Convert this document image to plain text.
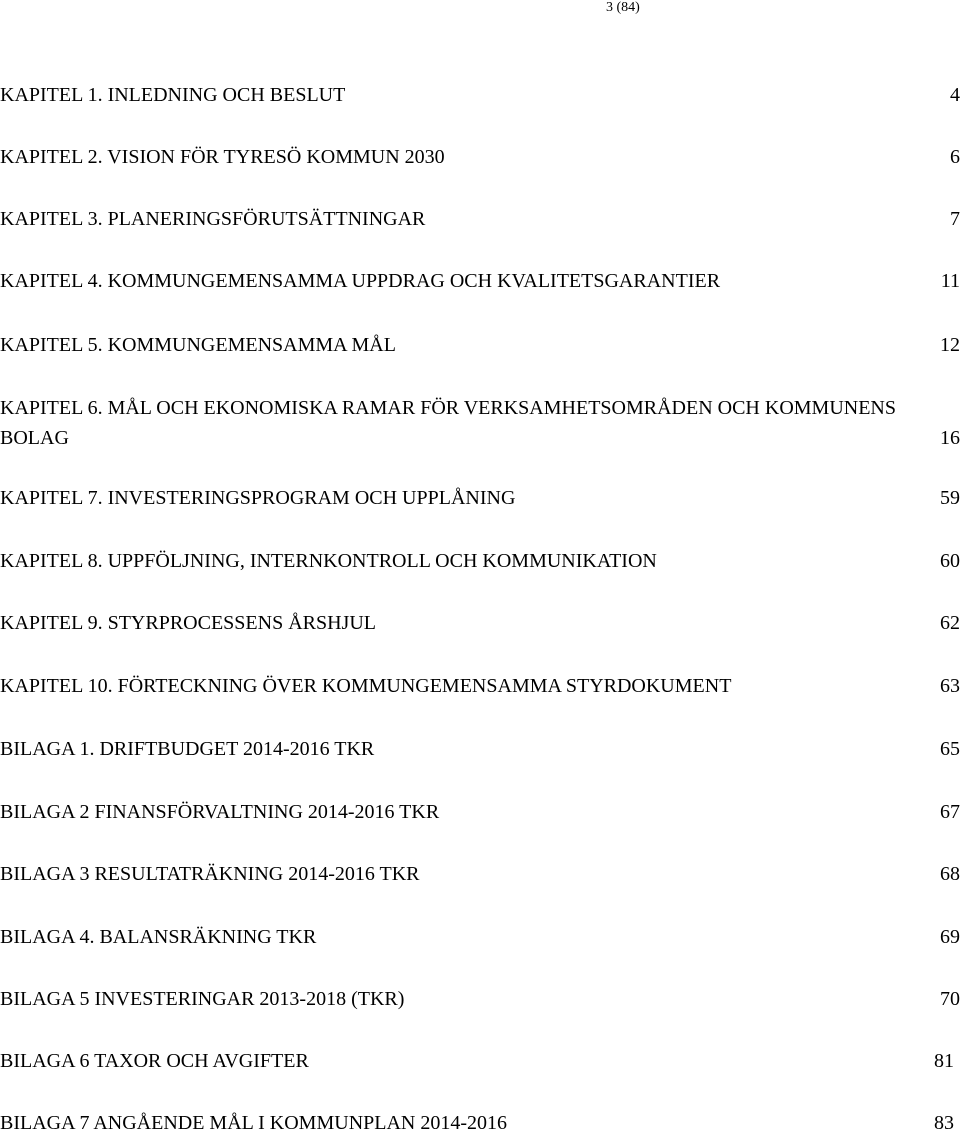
3 (84)
KAPITEL 1. INLEDNING OCH BESLUT	4
KAPITEL 2. VISION FÖR TYRESÖ KOMMUN 2030	6
KAPITEL 3. PLANERINGSFÖRUTSÄTTNINGAR	7
KAPITEL 4. KOMMUNGEMENSAMMA UPPDRAG OCH KVALITETSGARANTIER	11
KAPITEL 5. KOMMUNGEMENSAMMA MÅL	12
KAPITEL 6. MÅL OCH EKONOMISKA RAMAR FÖR VERKSAMHETSOMRÅDEN OCH KOMMUNENS
BOLAG	16
KAPITEL 7. INVESTERINGSPROGRAM OCH UPPLÅNING	59
KAPITEL 8. UPPFÖLJNING, INTERNKONTROLL OCH KOMMUNIKATION	60
KAPITEL 9. STYRPROCESSENS ÅRSHJUL	62
KAPITEL 10. FÖRTECKNING ÖVER KOMMUNGEMENSAMMA STYRDOKUMENT	63
BILAGA 1. DRIFTBUDGET 2014-2016 TKR	65
BILAGA 2 FINANSFÖRVALTNING 2014-2016 TKR	67
BILAGA 3 RESULTATRÄKNING 2014-2016 TKR	68
BILAGA 4. BALANSRÄKNING TKR	69
BILAGA 5 INVESTERINGAR 2013-2018 (TKR)	70
BILAGA 6 TAXOR OCH AVGIFTER	81
BILAGA 7 ANGÅENDE MÅL I KOMMUNPLAN 2014-2016	83
